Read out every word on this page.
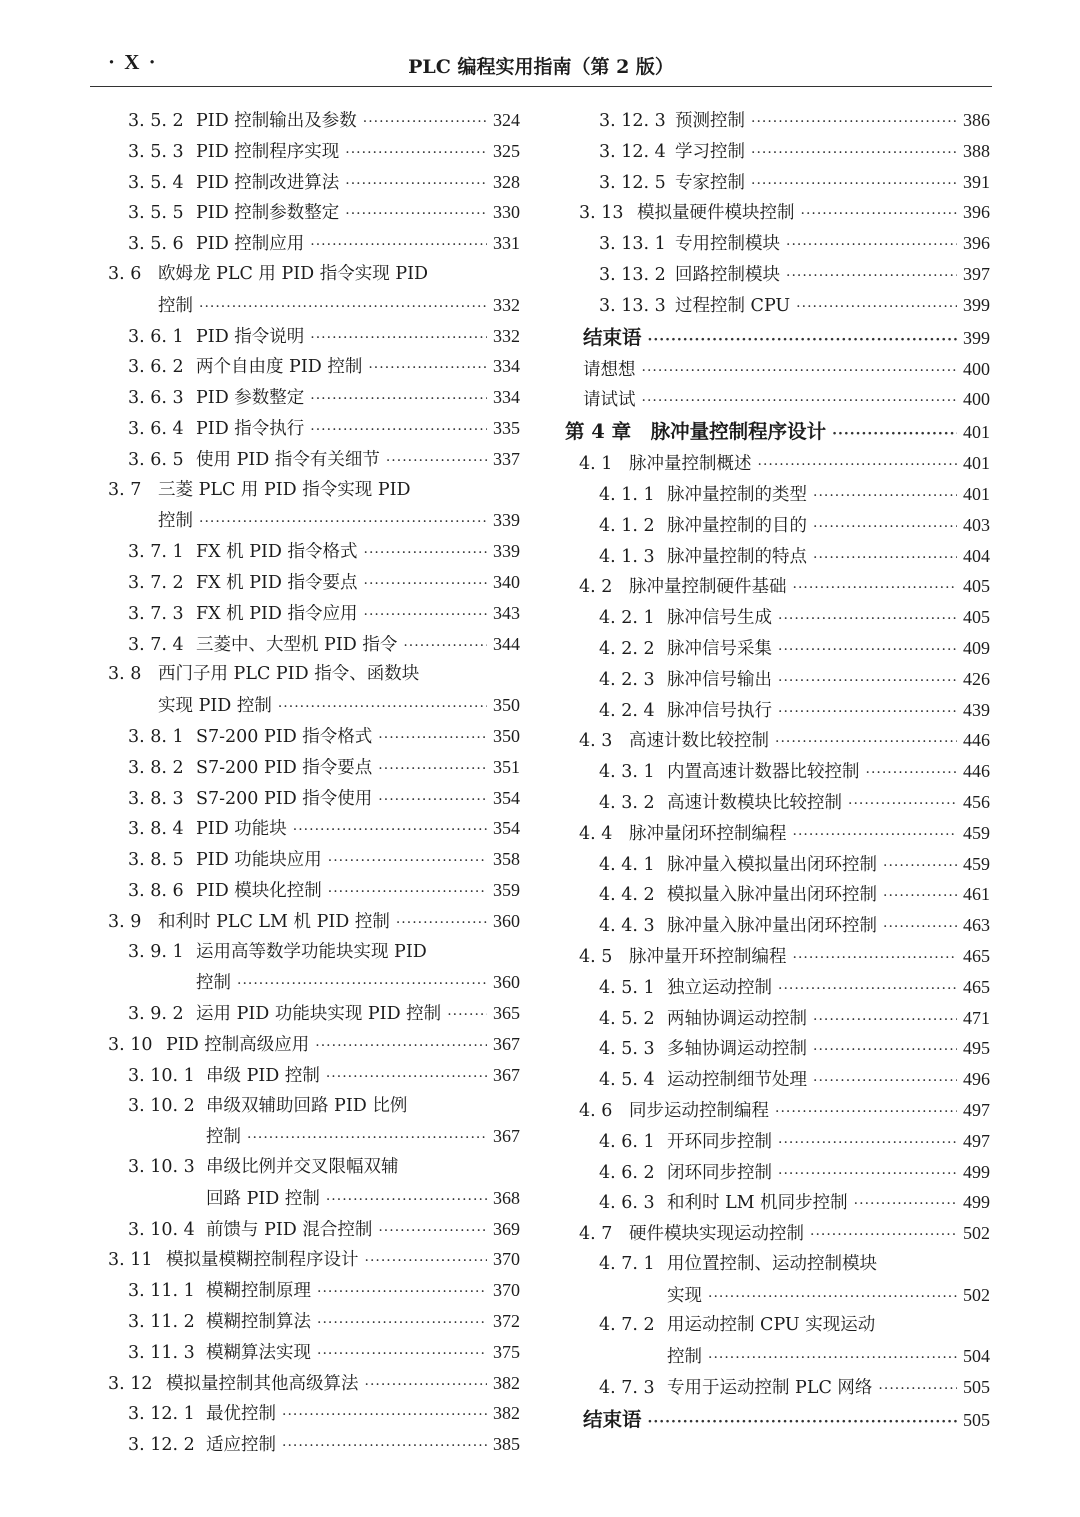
· X ·	PLC 编程实用指南（第 2 版）
3. 5. 2 PID 控制输出及参数 ·····	324
3. 5. 3 PID 控制程序实现 ·····	325
3. 5. 4 PID 控制改进算法 ·····	328
3. 5. 5 PID 控制参数整定 ·····	330
3. 5. 6 PID 控制应用 ·····	331
3. 6 欧姆龙 PLC 用 PID 指令实现 PID
控制 ·····	332
3. 6. 1 PID 指令说明 ·····	332
3. 6. 2 两个自由度 PID 控制 ·····	334
3. 6. 3 PID 参数整定 ·····	334
3. 6. 4 PID 指令执行 ·····	335
3. 6. 5 使用 PID 指令有关细节 ·····	337
3. 7 三菱 PLC 用 PID 指令实现 PID
控制 ·····	339
3. 7. 1 FX 机 PID 指令格式 ·····	339
3. 7. 2 FX 机 PID 指令要点 ·····	340
3. 7. 3 FX 机 PID 指令应用 ·····	343
3. 7. 4 三菱中、大型机 PID 指令 ·····	344
3. 8 西门子用 PLC PID 指令、函数块
实现 PID 控制 ·····	350
3. 8. 1 S7-200 PID 指令格式 ·····	350
3. 8. 2 S7-200 PID 指令要点 ·····	351
3. 8. 3 S7-200 PID 指令使用 ·····	354
3. 8. 4 PID 功能块 ·····	354
3. 8. 5 PID 功能块应用 ·····	358
3. 8. 6 PID 模块化控制 ·····	359
3. 9 和利时 PLC LM 机 PID 控制 ·····	360
3. 9. 1 运用高等数学功能块实现 PID
控制 ·····	360
3. 9. 2 运用 PID 功能块实现 PID 控制 ·····	365
3. 10 PID 控制高级应用 ·····	367
3. 10. 1 串级 PID 控制 ·····	367
3. 10. 2 串级双辅助回路 PID 比例
控制 ·····	367
3. 10. 3 串级比例并交叉限幅双辅
回路 PID 控制 ·····	368
3. 10. 4 前馈与 PID 混合控制 ·····	369
3. 11 模拟量模糊控制程序设计 ·····	370
3. 11. 1 模糊控制原理 ·····	370
3. 11. 2 模糊控制算法 ·····	372
3. 11. 3 模糊算法实现 ·····	375
3. 12 模拟量控制其他高级算法 ·····	382
3. 12. 1 最优控制 ·····	382
3. 12. 2 适应控制 ·····	385
3. 12. 3 预测控制 ·····	386
3. 12. 4 学习控制 ·····	388
3. 12. 5 专家控制 ·····	391
3. 13 模拟量硬件模块控制 ·····	396
3. 13. 1 专用控制模块 ·····	396
3. 13. 2 回路控制模块 ·····	397
3. 13. 3 过程控制 CPU ·····	399
结束语 ·····	399
请想想 ·····	400
请试试 ·····	400
第 4 章　脉冲量控制程序设计 ·····	401
4. 1 脉冲量控制概述 ·····	401
4. 1. 1 脉冲量控制的类型 ·····	401
4. 1. 2 脉冲量控制的目的 ·····	403
4. 1. 3 脉冲量控制的特点 ·····	404
4. 2 脉冲量控制硬件基础 ·····	405
4. 2. 1 脉冲信号生成 ·····	405
4. 2. 2 脉冲信号采集 ·····	409
4. 2. 3 脉冲信号输出 ·····	426
4. 2. 4 脉冲信号执行 ·····	439
4. 3 高速计数比较控制 ·····	446
4. 3. 1 内置高速计数器比较控制 ·····	446
4. 3. 2 高速计数模块比较控制 ·····	456
4. 4 脉冲量闭环控制编程 ·····	459
4. 4. 1 脉冲量入模拟量出闭环控制 ·····	459
4. 4. 2 模拟量入脉冲量出闭环控制 ·····	461
4. 4. 3 脉冲量入脉冲量出闭环控制 ·····	463
4. 5 脉冲量开环控制编程 ·····	465
4. 5. 1 独立运动控制 ·····	465
4. 5. 2 两轴协调运动控制 ·····	471
4. 5. 3 多轴协调运动控制 ·····	495
4. 5. 4 运动控制细节处理 ·····	496
4. 6 同步运动控制编程 ·····	497
4. 6. 1 开环同步控制 ·····	497
4. 6. 2 闭环同步控制 ·····	499
4. 6. 3 和利时 LM 机同步控制 ·····	499
4. 7 硬件模块实现运动控制 ·····	502
4. 7. 1 用位置控制、运动控制模块
实现 ·····	502
4. 7. 2 用运动控制 CPU 实现运动
控制 ·····	504
4. 7. 3 专用于运动控制 PLC 网络 ·····	505
结束语 ·····	505
